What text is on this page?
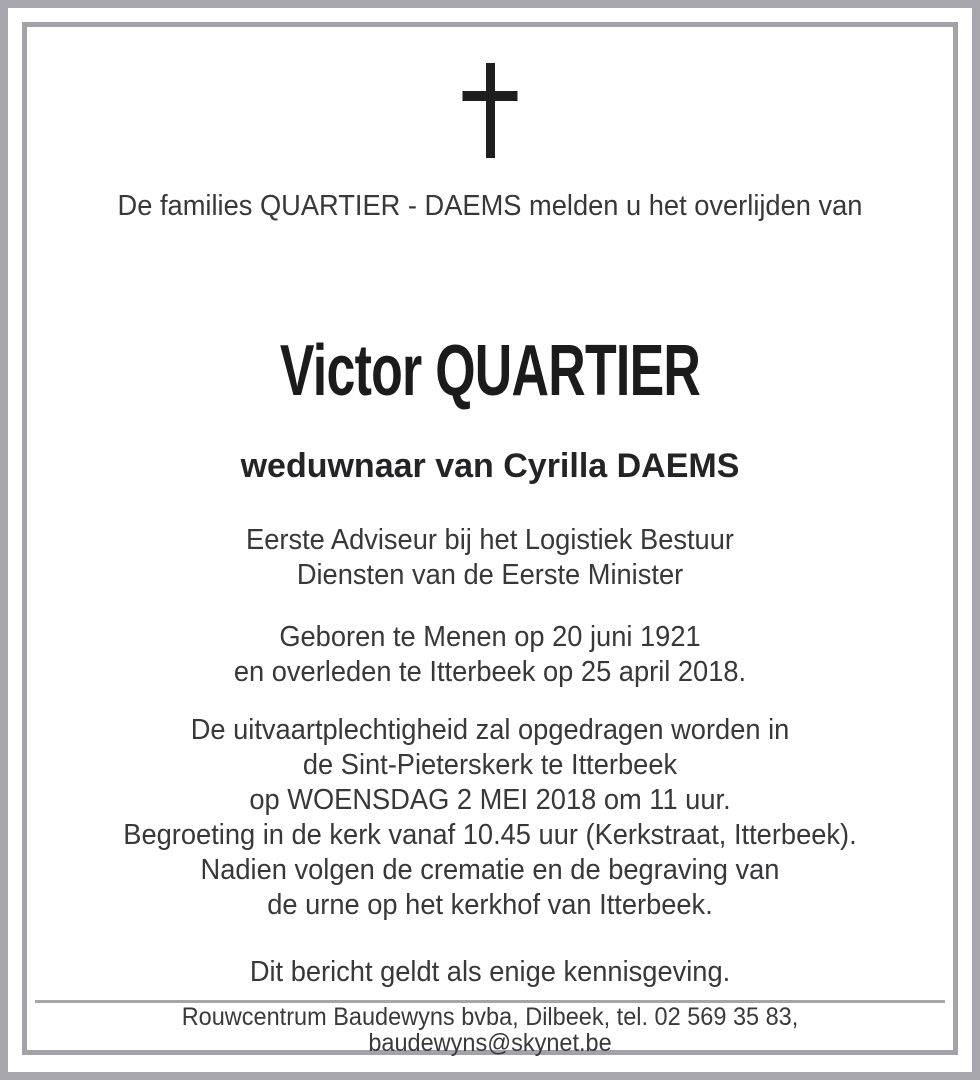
De families QUARTIER - DAEMS melden u het overlijden van
Victor QUARTIER
weduwnaar van Cyrilla DAEMS
Eerste Adviseur bij het Logistiek Bestuur
Diensten van de Eerste Minister
Geboren te Menen op 20 juni 1921
en overleden te Itterbeek op 25 april 2018.
De uitvaartplechtigheid zal opgedragen worden in
de Sint-Pieterskerk te Itterbeek
op WOENSDAG 2 MEI 2018 om 11 uur.
Begroeting in de kerk vanaf 10.45 uur (Kerkstraat, Itterbeek).
Nadien volgen de crematie en de begraving van
de urne op het kerkhof van Itterbeek.
Dit bericht geldt als enige kennisgeving.
Rouwcentrum Baudewyns bvba, Dilbeek, tel. 02 569 35 83,
baudewyns@skynet.be
